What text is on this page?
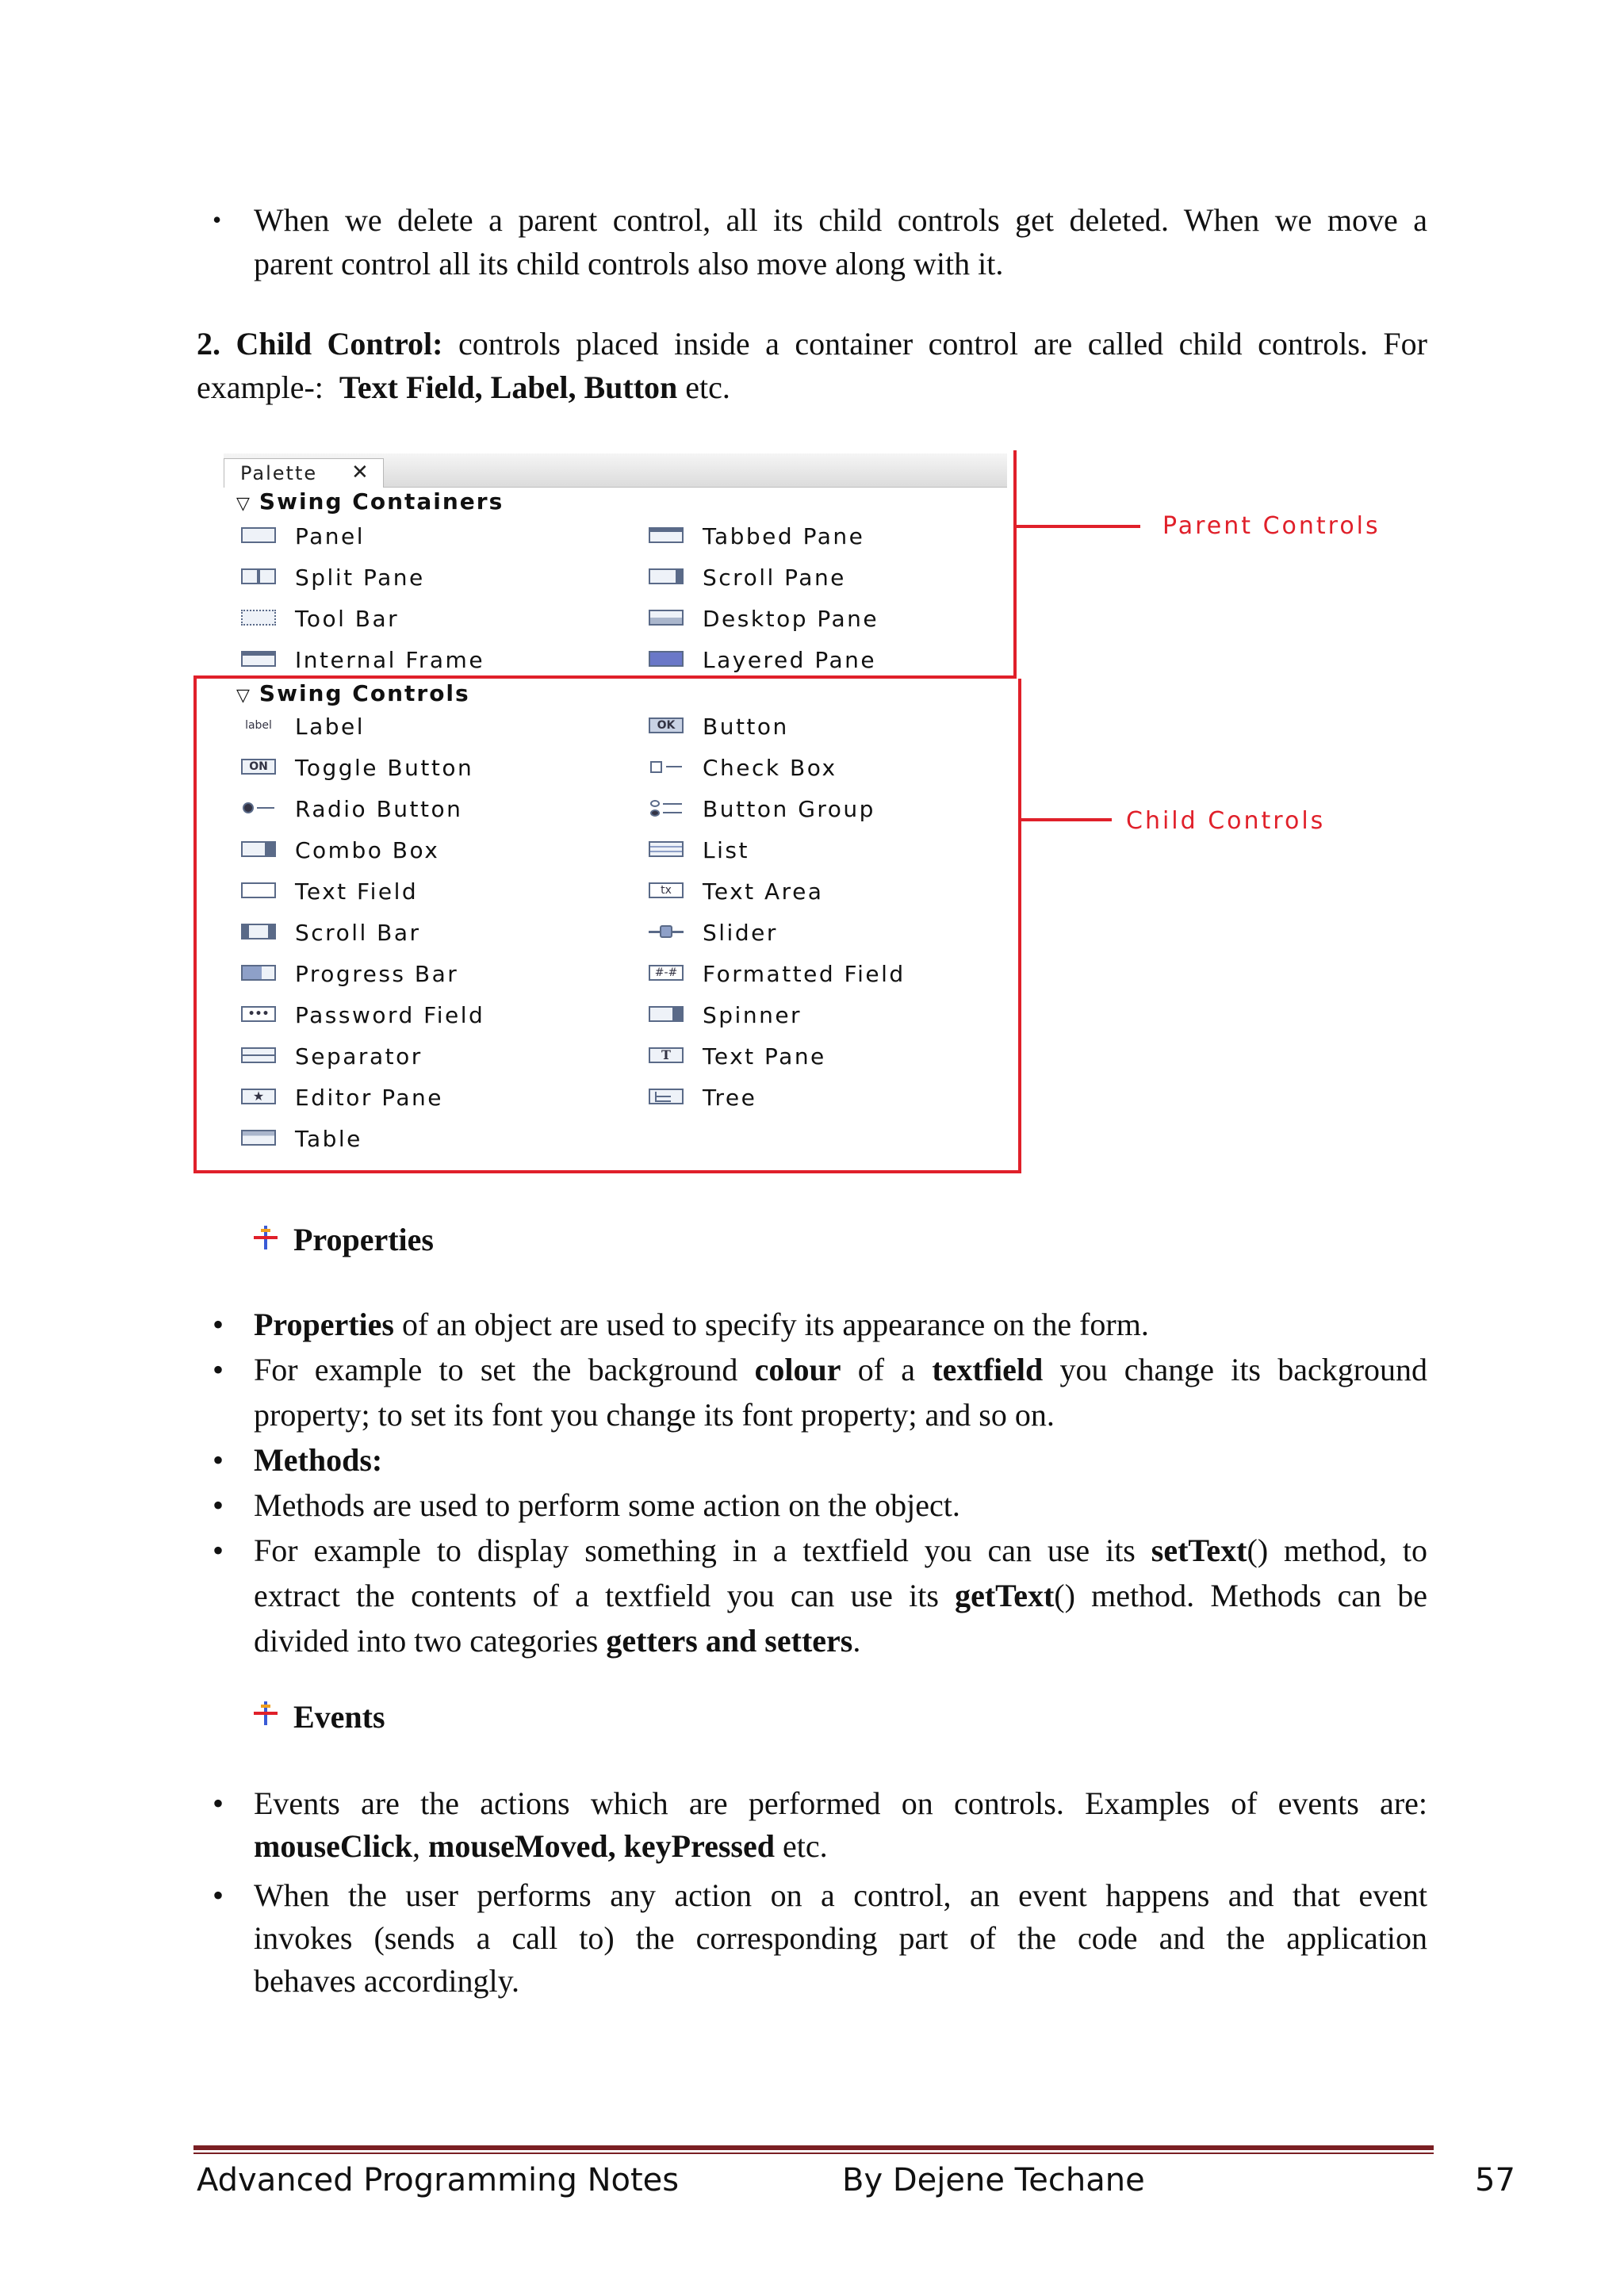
• When we delete a parent control, all its child controls get deleted. When we move a
parent control all its child controls also move along with it.
2. Child Control: controls placed inside a container control are called child controls. For
example-: Text Field, Label, Button etc.
Palette ✕
▽ Swing Containers
Panel
Split Pane
Tool Bar
Internal Frame
Tabbed Pane
Scroll Pane
Desktop Pane
Layered Pane
▽ Swing Controls
label Label
ON	Toggle Button
Radio Button
Combo Box
Text Field
Scroll Bar
Progress Bar
•••	Password Field
Separator
★	Editor Pane
Table
OK	Button
Check Box
Button Group
List
tx	Text Area
Slider
#-# Formatted Field
Spinner
T	Text Pane
Tree
Parent Controls
Child Controls
Properties
• Properties of an object are used to specify its appearance on the form.
• For example to set the background colour of a textfield you change its background
property; to set its font you change its font property; and so on.
• Methods:
• Methods are used to perform some action on the object.
• For example to display something in a textfield you can use its setText() method, to
extract the contents of a textfield you can use its getText() method. Methods can be
divided into two categories getters and setters.
Events
• Events are the actions which are performed on controls. Examples of events are:
mouseClick, mouseMoved, keyPressed etc.
• When the user performs any action on a control, an event happens and that event
invokes (sends a call to) the corresponding part of the code and the application
behaves accordingly.
Advanced Programming Notes	By Dejene Techane	57
